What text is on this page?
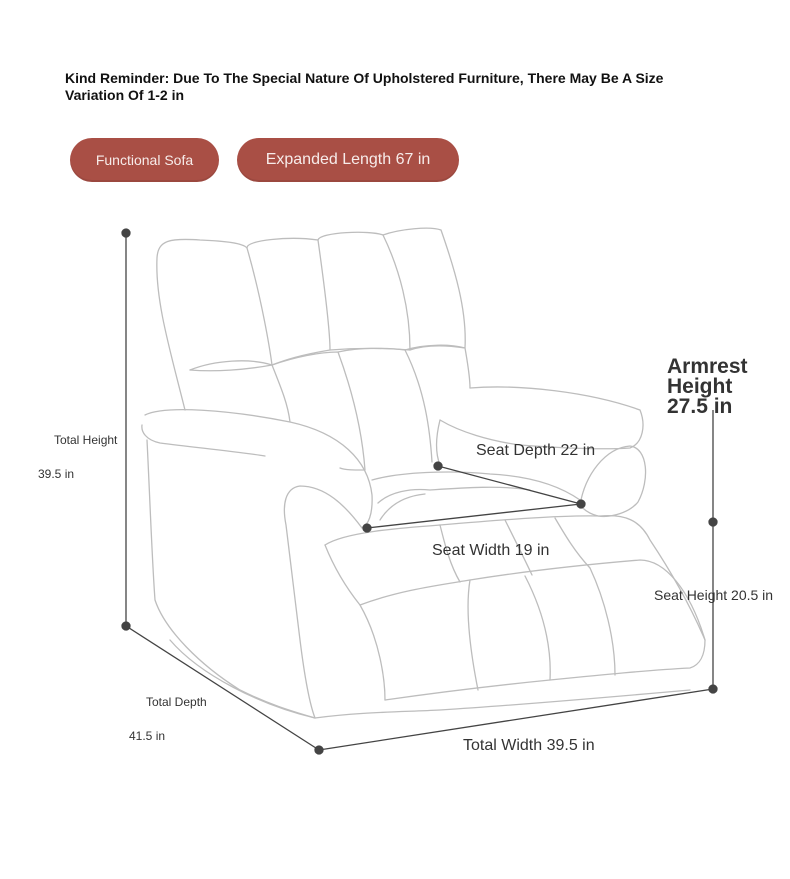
Kind Reminder: Due To The Special Nature Of Upholstered Furniture, There May Be A Size Variation Of 1-2 in
Functional Sofa	Expanded Length 67 in
Total Height
39.5 in
Total Depth
41.5 in
Total Width 39.5 in
Seat Depth 22 in
Seat Width 19 in
Seat Height 20.5 in
Armrest
Height
27.5 in
